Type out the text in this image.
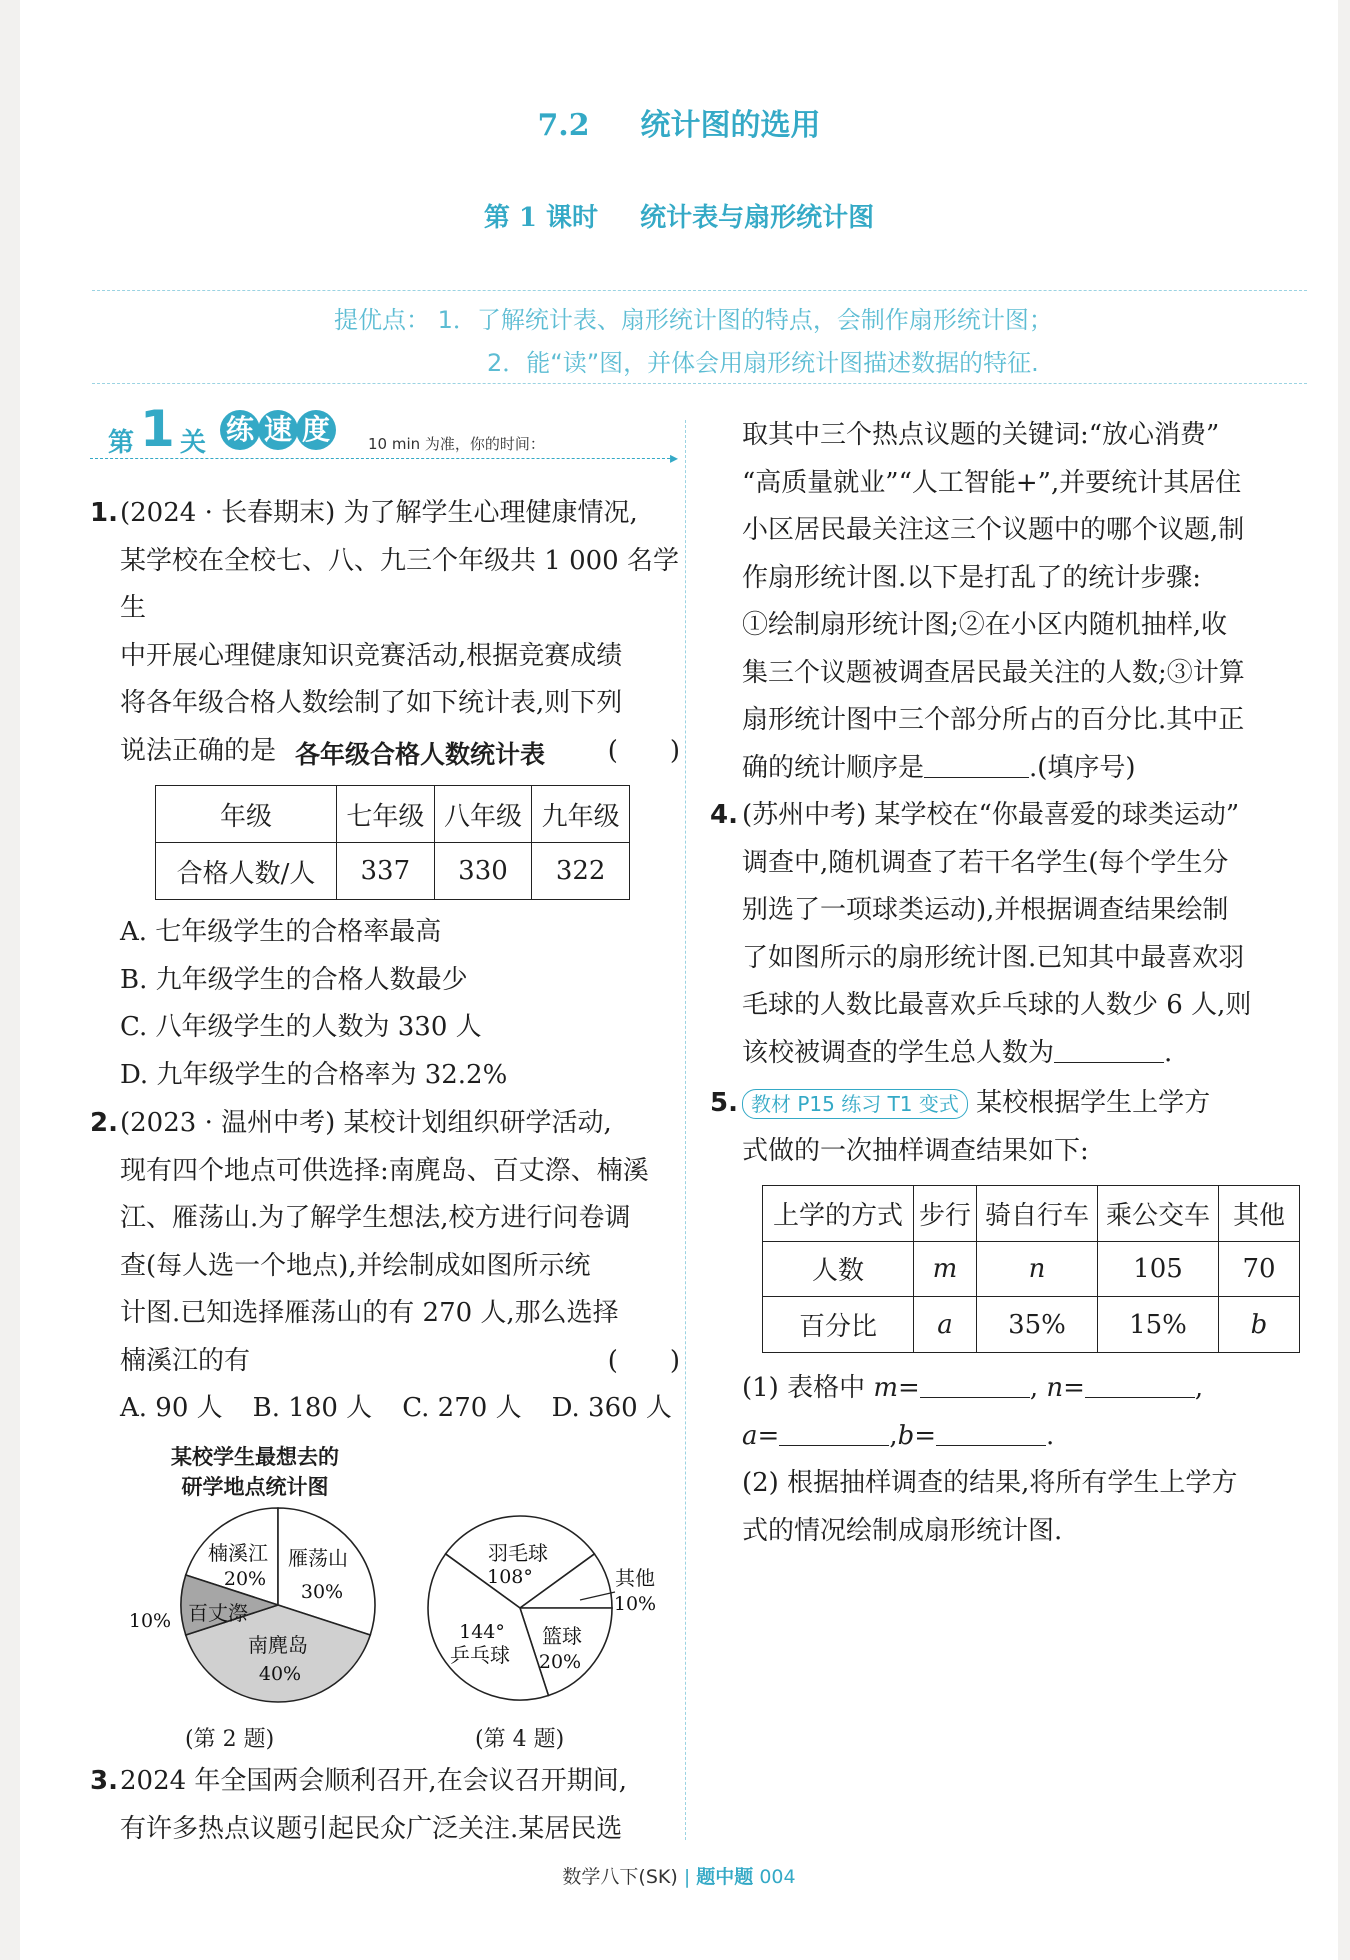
7.2 统计图的选用
第 1 课时 统计表与扇形统计图
提优点： 1．了解统计表、扇形统计图的特点，会制作扇形统计图；
2．能“读”图，并体会用扇形统计图描述数据的特征.
第 1 关 练 速 度	10 min 为准，你的时间：
▸
1. (2024 · 长春期末) 为了解学生心理健康情况,

某学校在全校七、八、九三个年级共 1 000 名学生

中开展心理健康知识竞赛活动,根据竞赛成绩

将各年级合格人数绘制了如下统计表,则下列

说法正确的是	(　　)

各年级合格人数统计表
年级	七年级	八年级	九年级
合格人数/人	337	330	322

A. 七年级学生的合格率最高

B. 九年级学生的合格人数最少

C. 八年级学生的人数为 330 人

D. 九年级学生的合格率为 32.2%

2. (2023 · 温州中考) 某校计划组织研学活动,

现有四个地点可供选择:南麂岛、百丈漈、楠溪

江、雁荡山.为了解学生想法,校方进行问卷调

查(每人选一个地点),并绘制成如图所示统

计图.已知选择雁荡山的有 270 人,那么选择

楠溪江的有	(　　)

A. 90 人 B. 180 人 C. 270 人 D. 360 人

某校学生最想去的
研学地点统计图
楠溪江
20%
雁荡山
30%
南麂岛
40%
百丈漈
10%
(第 2 题)
羽毛球
108°	其他
10%
篮球
20%
乒乓球
144°
(第 4 题)
3. 2024 年全国两会顺利召开,在会议召开期间,

有许多热点议题引起民众广泛关注.某居民选

取其中三个热点议题的关键词:“放心消费”

“高质量就业”“人工智能+”,并要统计其居住

小区居民最关注这三个议题中的哪个议题,制

作扇形统计图.以下是打乱了的统计步骤:

①绘制扇形统计图;②在小区内随机抽样,收

集三个议题被调查居民最关注的人数;③计算

扇形统计图中三个部分所占的百分比.其中正

确的统计顺序是	.(填序号)

4. (苏州中考) 某学校在“你最喜爱的球类运动”

调查中,随机调查了若干名学生(每个学生分

别选了一项球类运动),并根据调查结果绘制

了如图所示的扇形统计图.已知其中最喜欢羽

毛球的人数比最喜欢乒乓球的人数少 6 人,则

该校被调查的学生总人数为	.

5. 教材 P15 练习 T1 变式 某校根据学生上学方

式做的一次抽样调查结果如下:

上学的方式	步行	骑自行车	乘公交车	其他
人数	m	n	105	70
百分比	a	35%	15%	b

(1) 表格中 m=	, n=	,

a=	,b=	.

(2) 根据抽样调查的结果,将所有学生上学方

式的情况绘制成扇形统计图.

数学八下(SK) | 题中题 004
